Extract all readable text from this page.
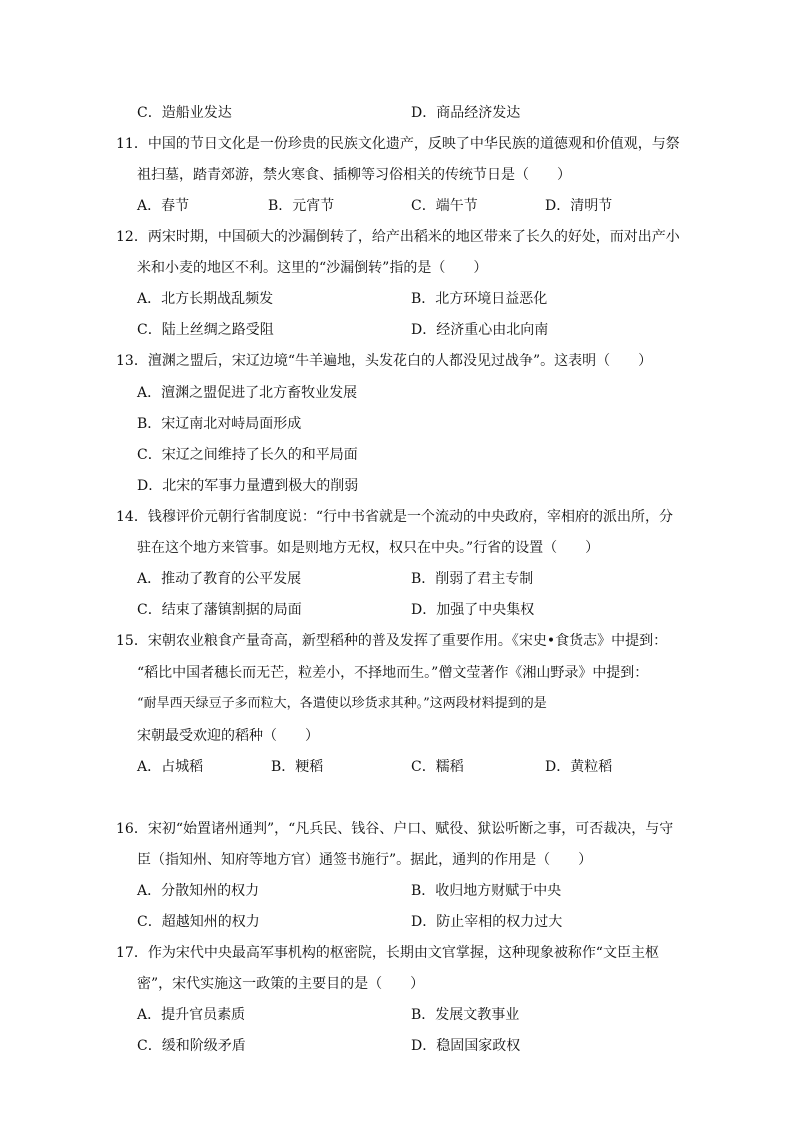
C．造船业发达	D．商品经济发达
11．中国的节日文化是一份珍贵的民族文化遗产，反映了中华民族的道德观和价值观，与祭
祖扫墓，踏青郊游，禁火寒食、插柳等习俗相关的传统节日是（　　）
A．春节	B．元宵节	C．端午节	D．清明节
12．两宋时期，中国硕大的沙漏倒转了，给产出稻米的地区带来了长久的好处，而对出产小
米和小麦的地区不利。这里的“沙漏倒转”指的是（　　）
A．北方长期战乱频发	B．北方环境日益恶化
C．陆上丝绸之路受阻	D．经济重心由北向南
13．澶渊之盟后，宋辽边境“牛羊遍地，头发花白的人都没见过战争”。这表明（　　）
A．澶渊之盟促进了北方畜牧业发展
B．宋辽南北对峙局面形成
C．宋辽之间维持了长久的和平局面
D．北宋的军事力量遭到极大的削弱
14．钱穆评价元朝行省制度说：“行中书省就是一个流动的中央政府，宰相府的派出所，分
驻在这个地方来管事。如是则地方无权，权只在中央。”行省的设置（　　）
A．推动了教育的公平发展	B．削弱了君主专制
C．结束了藩镇割据的局面	D．加强了中央集权
15．宋朝农业粮食产量奇高，新型稻种的普及发挥了重要作用。《宋史•食货志》中提到：
“稻比中国者穗长而无芒，粒差小，不择地而生。”僧文莹著作《湘山野录》中提到：
“耐旱西天绿豆子多而粒大，各遣使以珍货求其种。”这两段材料提到的是
宋朝最受欢迎的稻种（　　）
A．占城稻	B．粳稻	C．糯稻	D．黄粒稻
16．宋初“始置诸州通判”，“凡兵民、钱谷、户口、赋役、狱讼听断之事，可否裁决，与守
臣（指知州、知府等地方官）通签书施行”。据此，通判的作用是（　　）
A．分散知州的权力	B．收归地方财赋于中央
C．超越知州的权力	D．防止宰相的权力过大
17．作为宋代中央最高军事机构的枢密院，长期由文官掌握，这种现象被称作“文臣主枢
密”，宋代实施这一政策的主要目的是（　　）
A．提升官员素质	B．发展文教事业
C．缓和阶级矛盾	D．稳固国家政权
